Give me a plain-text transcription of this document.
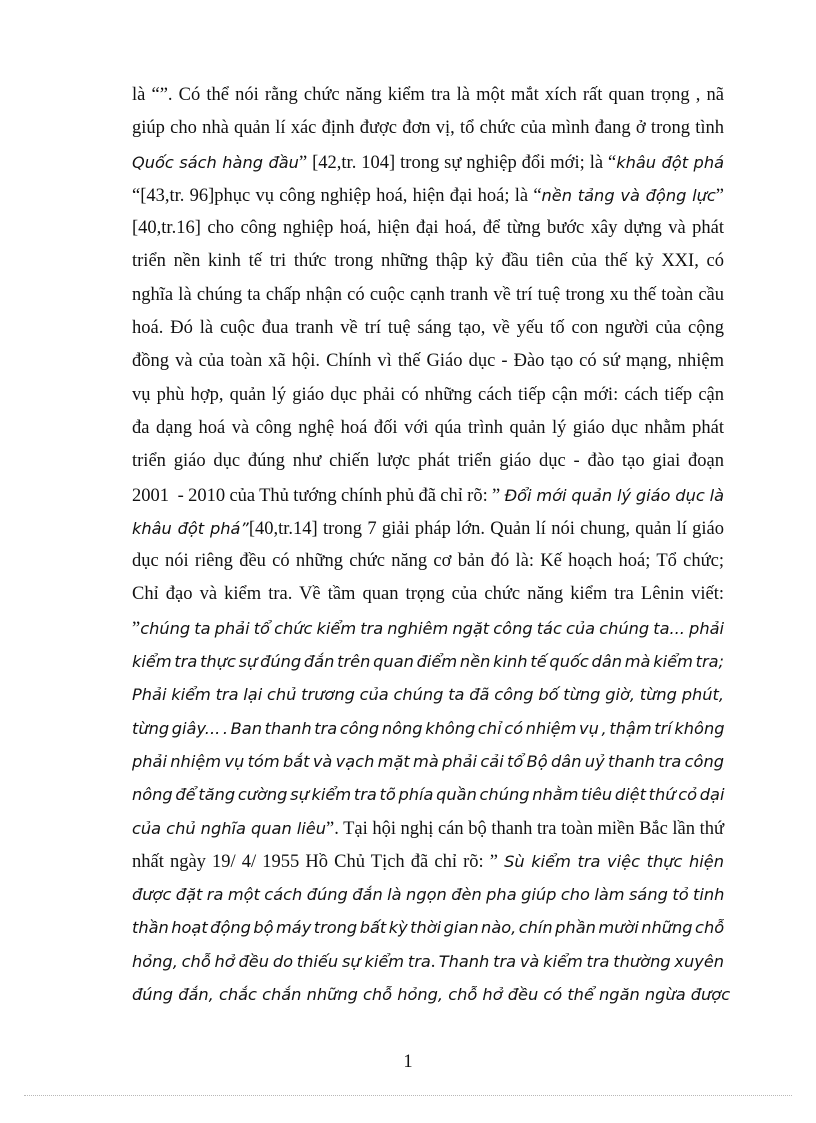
là “”. Có thể nói rằng chức năng kiểm tra là một mắt xích rất quan trọng , nã
giúp cho nhà quản lí xác định được đơn vị, tổ chức của mình đang ở trong tình
Quốc sách hàng đầu” [42,tr. 104] trong sự nghiệp đổi mới; là “khâu đột phá
“[43,tr. 96]phục vụ công nghiệp hoá, hiện đại hoá; là “nền tảng và động lực”
[40,tr.16] cho công nghiệp hoá, hiện đại hoá, để từng bước xây dựng và phát
triển nền kinh tế tri thức trong những thập kỷ đầu tiên của thế kỷ XXI, có
nghĩa là chúng ta chấp nhận có cuộc cạnh tranh về trí tuệ trong xu thế toàn cầu
hoá. Đó là cuộc đua tranh về trí tuệ sáng tạo, về yếu tố con người của cộng
đồng và của toàn xã hội. Chính vì thế Giáo dục - Đào tạo có sứ mạng, nhiệm
vụ phù hợp, quản lý giáo dục phải có những cách tiếp cận mới: cách tiếp cận
đa dạng hoá và công nghệ hoá đối với qúa trình quản lý giáo dục nhằm phát
triển giáo dục đúng như chiến lược phát triển giáo dục - đào tạo giai đoạn
2001  - 2010 của Thủ tướng chính phủ đã chỉ rõ: ” Đổi mới quản lý giáo dục là
khâu đột phá”[40,tr.14] trong 7 giải pháp lớn. Quản lí nói chung, quản lí giáo
dục nói riêng đều có những chức năng cơ bản đó là: Kế hoạch hoá; Tổ chức;
Chỉ đạo và kiểm tra. Về tầm quan trọng của chức năng kiểm tra Lênin viết:
”chúng ta phải tổ chức kiểm tra nghiêm ngặt công tác của chúng ta... phải
kiểm tra thực sự đúng đắn trên quan điểm nền kinh tế quốc dân mà kiểm tra;
Phải kiểm tra lại chủ trương của chúng ta đã công bố từng giờ, từng phút,
từng giây... . Ban thanh tra công nông không chỉ có nhiệm vụ , thậm trí không
phải nhiệm vụ tóm bắt và vạch mặt mà phải cải tổ Bộ dân uỷ thanh tra công
nông để tăng cường sự kiểm tra tõ phía quần chúng nhằm tiêu diệt thứ cỏ dại
của chủ nghĩa quan liêu”. Tại hội nghị cán bộ thanh tra toàn miền Bắc lần thứ
nhất ngày 19/ 4/ 1955 Hồ Chủ Tịch đã chỉ rõ: ” Sù kiểm tra việc thực hiện
được đặt ra một cách đúng đắn là ngọn đèn pha giúp cho làm sáng tỏ tinh
thần hoạt động bộ máy trong bất kỳ thời gian nào, chín phần mười những chỗ
hỏng, chỗ hở đều do thiếu sự kiểm tra. Thanh tra và kiểm tra thường xuyên
đúng đắn, chắc chắn những chỗ hỏng, chỗ hở đều có thể ngăn ngừa được
1
